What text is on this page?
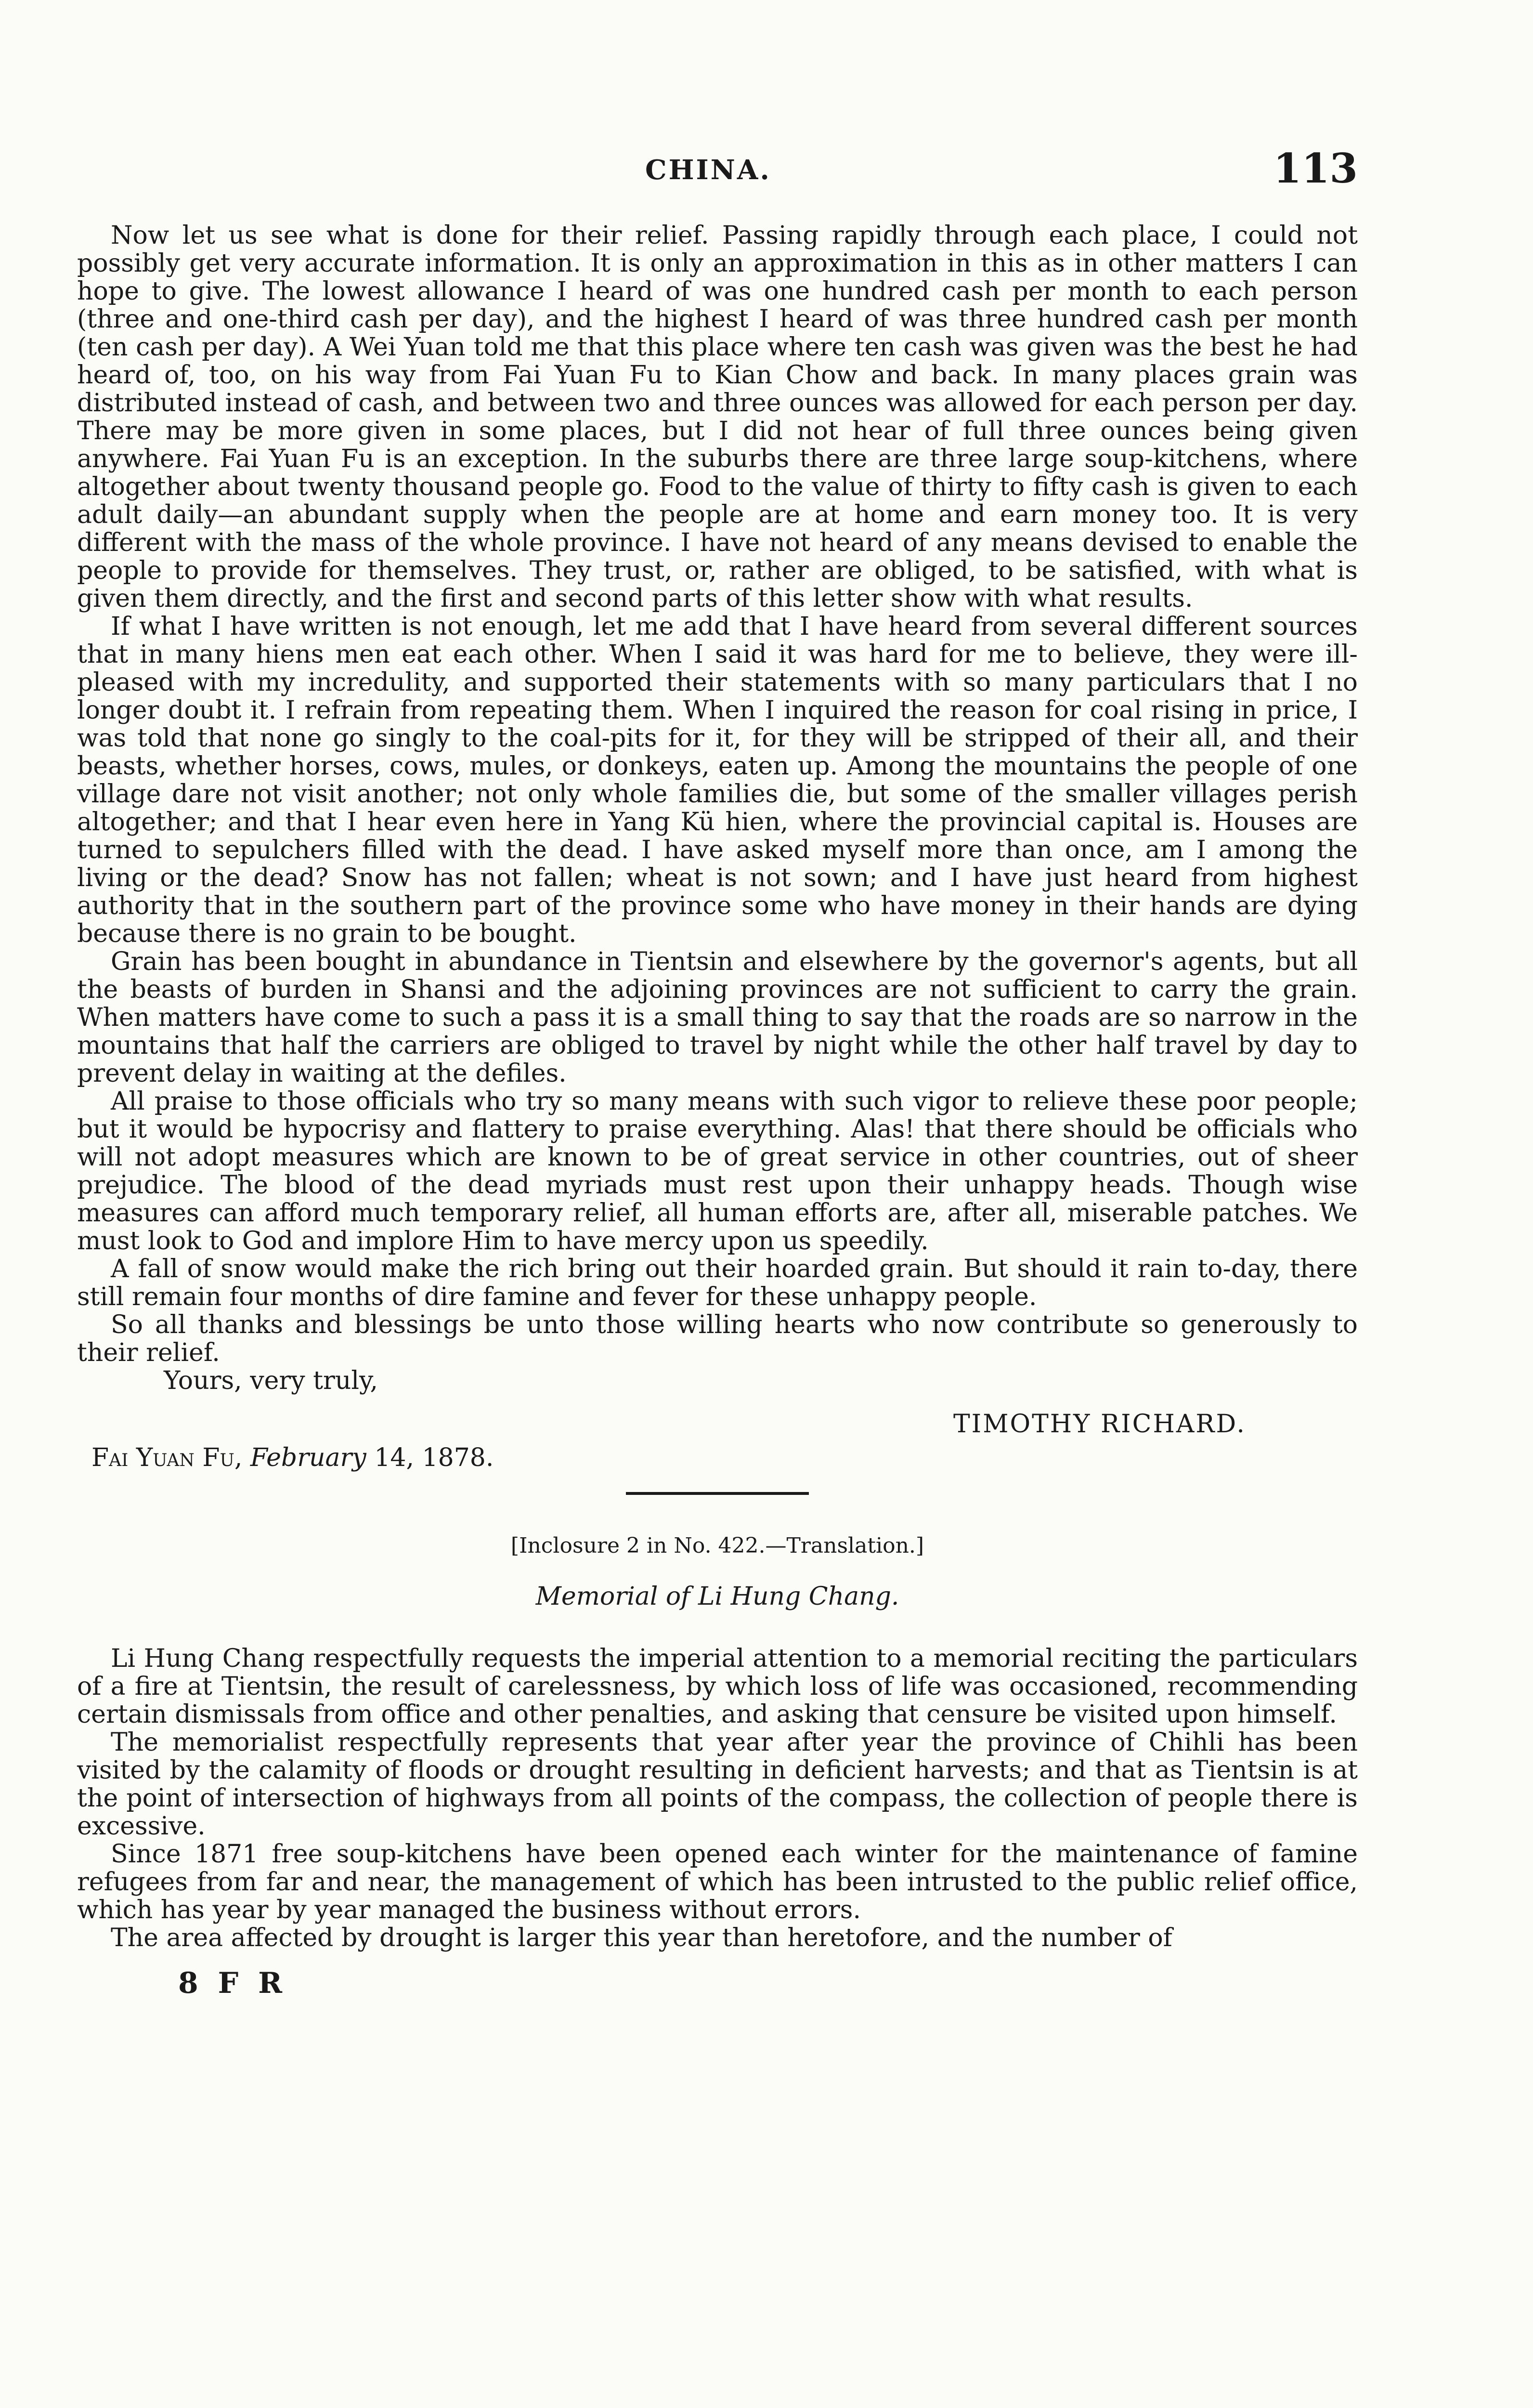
CHINA.	113

Now let us see what is done for their relief. Passing rapidly through each place, I could not possibly get very accurate information. It is only an approximation in this as in other matters I can hope to give. The lowest allowance I heard of was one hundred cash per month to each person (three and one-third cash per day), and the highest I heard of was three hundred cash per month (ten cash per day). A Wei Yuan told me that this place where ten cash was given was the best he had heard of, too, on his way from Fai Yuan Fu to Kian Chow and back. In many places grain was distributed instead of cash, and between two and three ounces was allowed for each person per day. There may be more given in some places, but I did not hear of full three ounces being given anywhere. Fai Yuan Fu is an exception. In the suburbs there are three large soup-kitchens, where altogether about twenty thousand people go. Food to the value of thirty to fifty cash is given to each adult daily—an abundant supply when the people are at home and earn money too. It is very different with the mass of the whole province. I have not heard of any means devised to enable the people to provide for themselves. They trust, or, rather are obliged, to be satisfied, with what is given them directly, and the first and second parts of this letter show with what results.

If what I have written is not enough, let me add that I have heard from several different sources that in many hiens men eat each other. When I said it was hard for me to believe, they were ill-pleased with my incredulity, and supported their statements with so many particulars that I no longer doubt it. I refrain from repeating them. When I inquired the reason for coal rising in price, I was told that none go singly to the coal-pits for it, for they will be stripped of their all, and their beasts, whether horses, cows, mules, or donkeys, eaten up. Among the mountains the people of one village dare not visit another; not only whole families die, but some of the smaller villages perish altogether; and that I hear even here in Yang Kü hien, where the provincial capital is. Houses are turned to sepulchers filled with the dead. I have asked myself more than once, am I among the living or the dead? Snow has not fallen; wheat is not sown; and I have just heard from highest authority that in the southern part of the province some who have money in their hands are dying because there is no grain to be bought.

Grain has been bought in abundance in Tientsin and elsewhere by the governor's agents, but all the beasts of burden in Shansi and the adjoining provinces are not sufficient to carry the grain. When matters have come to such a pass it is a small thing to say that the roads are so narrow in the mountains that half the carriers are obliged to travel by night while the other half travel by day to prevent delay in waiting at the defiles.

All praise to those officials who try so many means with such vigor to relieve these poor people; but it would be hypocrisy and flattery to praise everything. Alas! that there should be officials who will not adopt measures which are known to be of great service in other countries, out of sheer prejudice. The blood of the dead myriads must rest upon their unhappy heads. Though wise measures can afford much temporary relief, all human efforts are, after all, miserable patches. We must look to God and implore Him to have mercy upon us speedily.

A fall of snow would make the rich bring out their hoarded grain. But should it rain to-day, there still remain four months of dire famine and fever for these unhappy people.

So all thanks and blessings be unto those willing hearts who now contribute so generously to their relief.

Yours, very truly,
TIMOTHY RICHARD.
Fai Yuan Fu, February 14, 1878.
[Inclosure 2 in No. 422.—Translation.]
Memorial of Li Hung Chang.

Li Hung Chang respectfully requests the imperial attention to a memorial reciting the particulars of a fire at Tientsin, the result of carelessness, by which loss of life was occasioned, recommending certain dismissals from office and other penalties, and asking that censure be visited upon himself.

The memorialist respectfully represents that year after year the province of Chihli has been visited by the calamity of floods or drought resulting in deficient harvests; and that as Tientsin is at the point of intersection of highways from all points of the compass, the collection of people there is excessive.

Since 1871 free soup-kitchens have been opened each winter for the maintenance of famine refugees from far and near, the management of which has been intrusted to the public relief office, which has year by year managed the business without errors.

The area affected by drought is larger this year than heretofore, and the number of

8 F R
